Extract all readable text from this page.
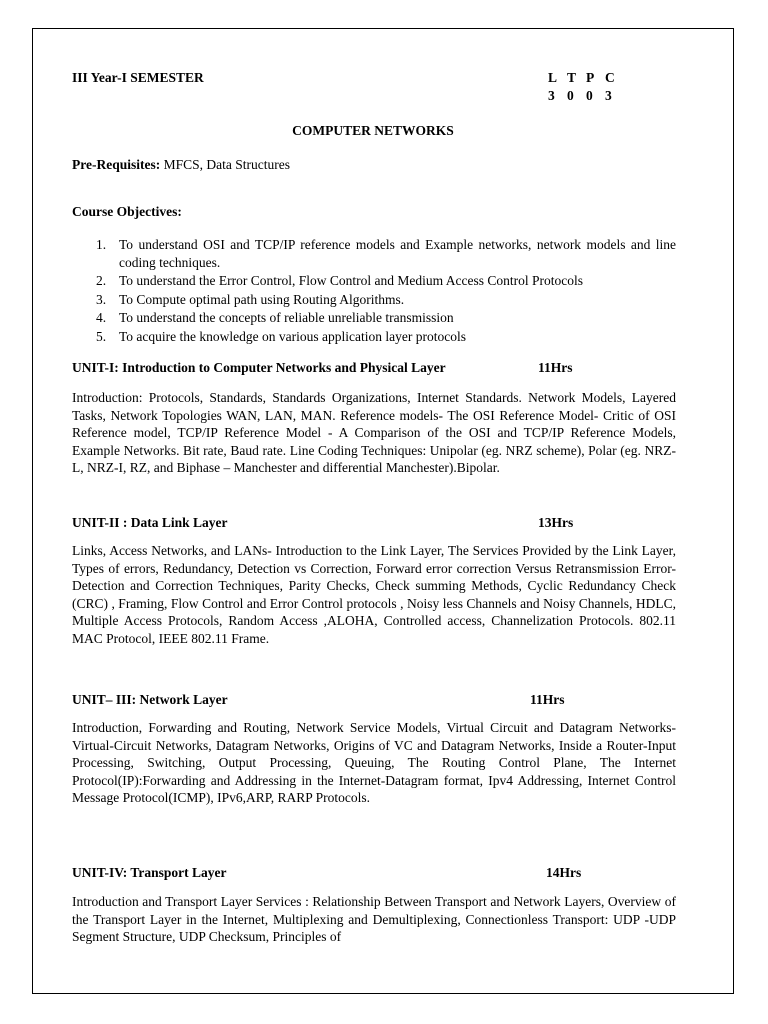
III Year-I SEMESTER	L T P C
3 0 0 3
COMPUTER NETWORKS
Pre-Requisites: MFCS, Data Structures
Course Objectives:
1. To understand OSI and TCP/IP reference models and Example networks, network models and line coding techniques.
2. To understand the Error Control, Flow Control and Medium Access Control Protocols
3. To Compute optimal path using Routing Algorithms.
4. To understand the concepts of reliable unreliable transmission
5. To acquire the knowledge on various application layer protocols
UNIT-I: Introduction to Computer Networks and Physical Layer	11Hrs

Introduction: Protocols, Standards, Standards Organizations, Internet Standards. Network Models, Layered Tasks, Network Topologies WAN, LAN, MAN. Reference models- The OSI Reference Model- Critic of OSI Reference model, TCP/IP Reference Model - A Comparison of the OSI and TCP/IP Reference Models, Example Networks. Bit rate, Baud rate. Line Coding Techniques: Unipolar (eg. NRZ scheme), Polar (eg. NRZ-L, NRZ-I, RZ, and Biphase – Manchester and differential Manchester).Bipolar.

UNIT-II : Data Link Layer	13Hrs

Links, Access Networks, and LANs- Introduction to the Link Layer, The Services Provided by the Link Layer, Types of errors, Redundancy, Detection vs Correction, Forward error correction Versus Retransmission Error-Detection and Correction Techniques, Parity Checks, Check summing Methods, Cyclic Redundancy Check (CRC) , Framing, Flow Control and Error Control protocols , Noisy less Channels and Noisy Channels, HDLC, Multiple Access Protocols, Random Access ,ALOHA, Controlled access, Channelization Protocols. 802.11 MAC Protocol, IEEE 802.11 Frame.

UNIT– III: Network Layer	11Hrs

Introduction, Forwarding and Routing, Network Service Models, Virtual Circuit and Datagram Networks-Virtual-Circuit Networks, Datagram Networks, Origins of VC and Datagram Networks, Inside a Router-Input Processing, Switching, Output Processing, Queuing, The Routing Control Plane, The Internet Protocol(IP):Forwarding and Addressing in the Internet-Datagram format, Ipv4 Addressing, Internet Control Message Protocol(ICMP), IPv6,ARP, RARP Protocols.

UNIT-IV: Transport Layer	14Hrs

Introduction and Transport Layer Services : Relationship Between Transport and Network Layers, Overview of the Transport Layer in the Internet, Multiplexing and Demultiplexing, Connectionless Transport: UDP -UDP Segment Structure, UDP Checksum, Principles of
